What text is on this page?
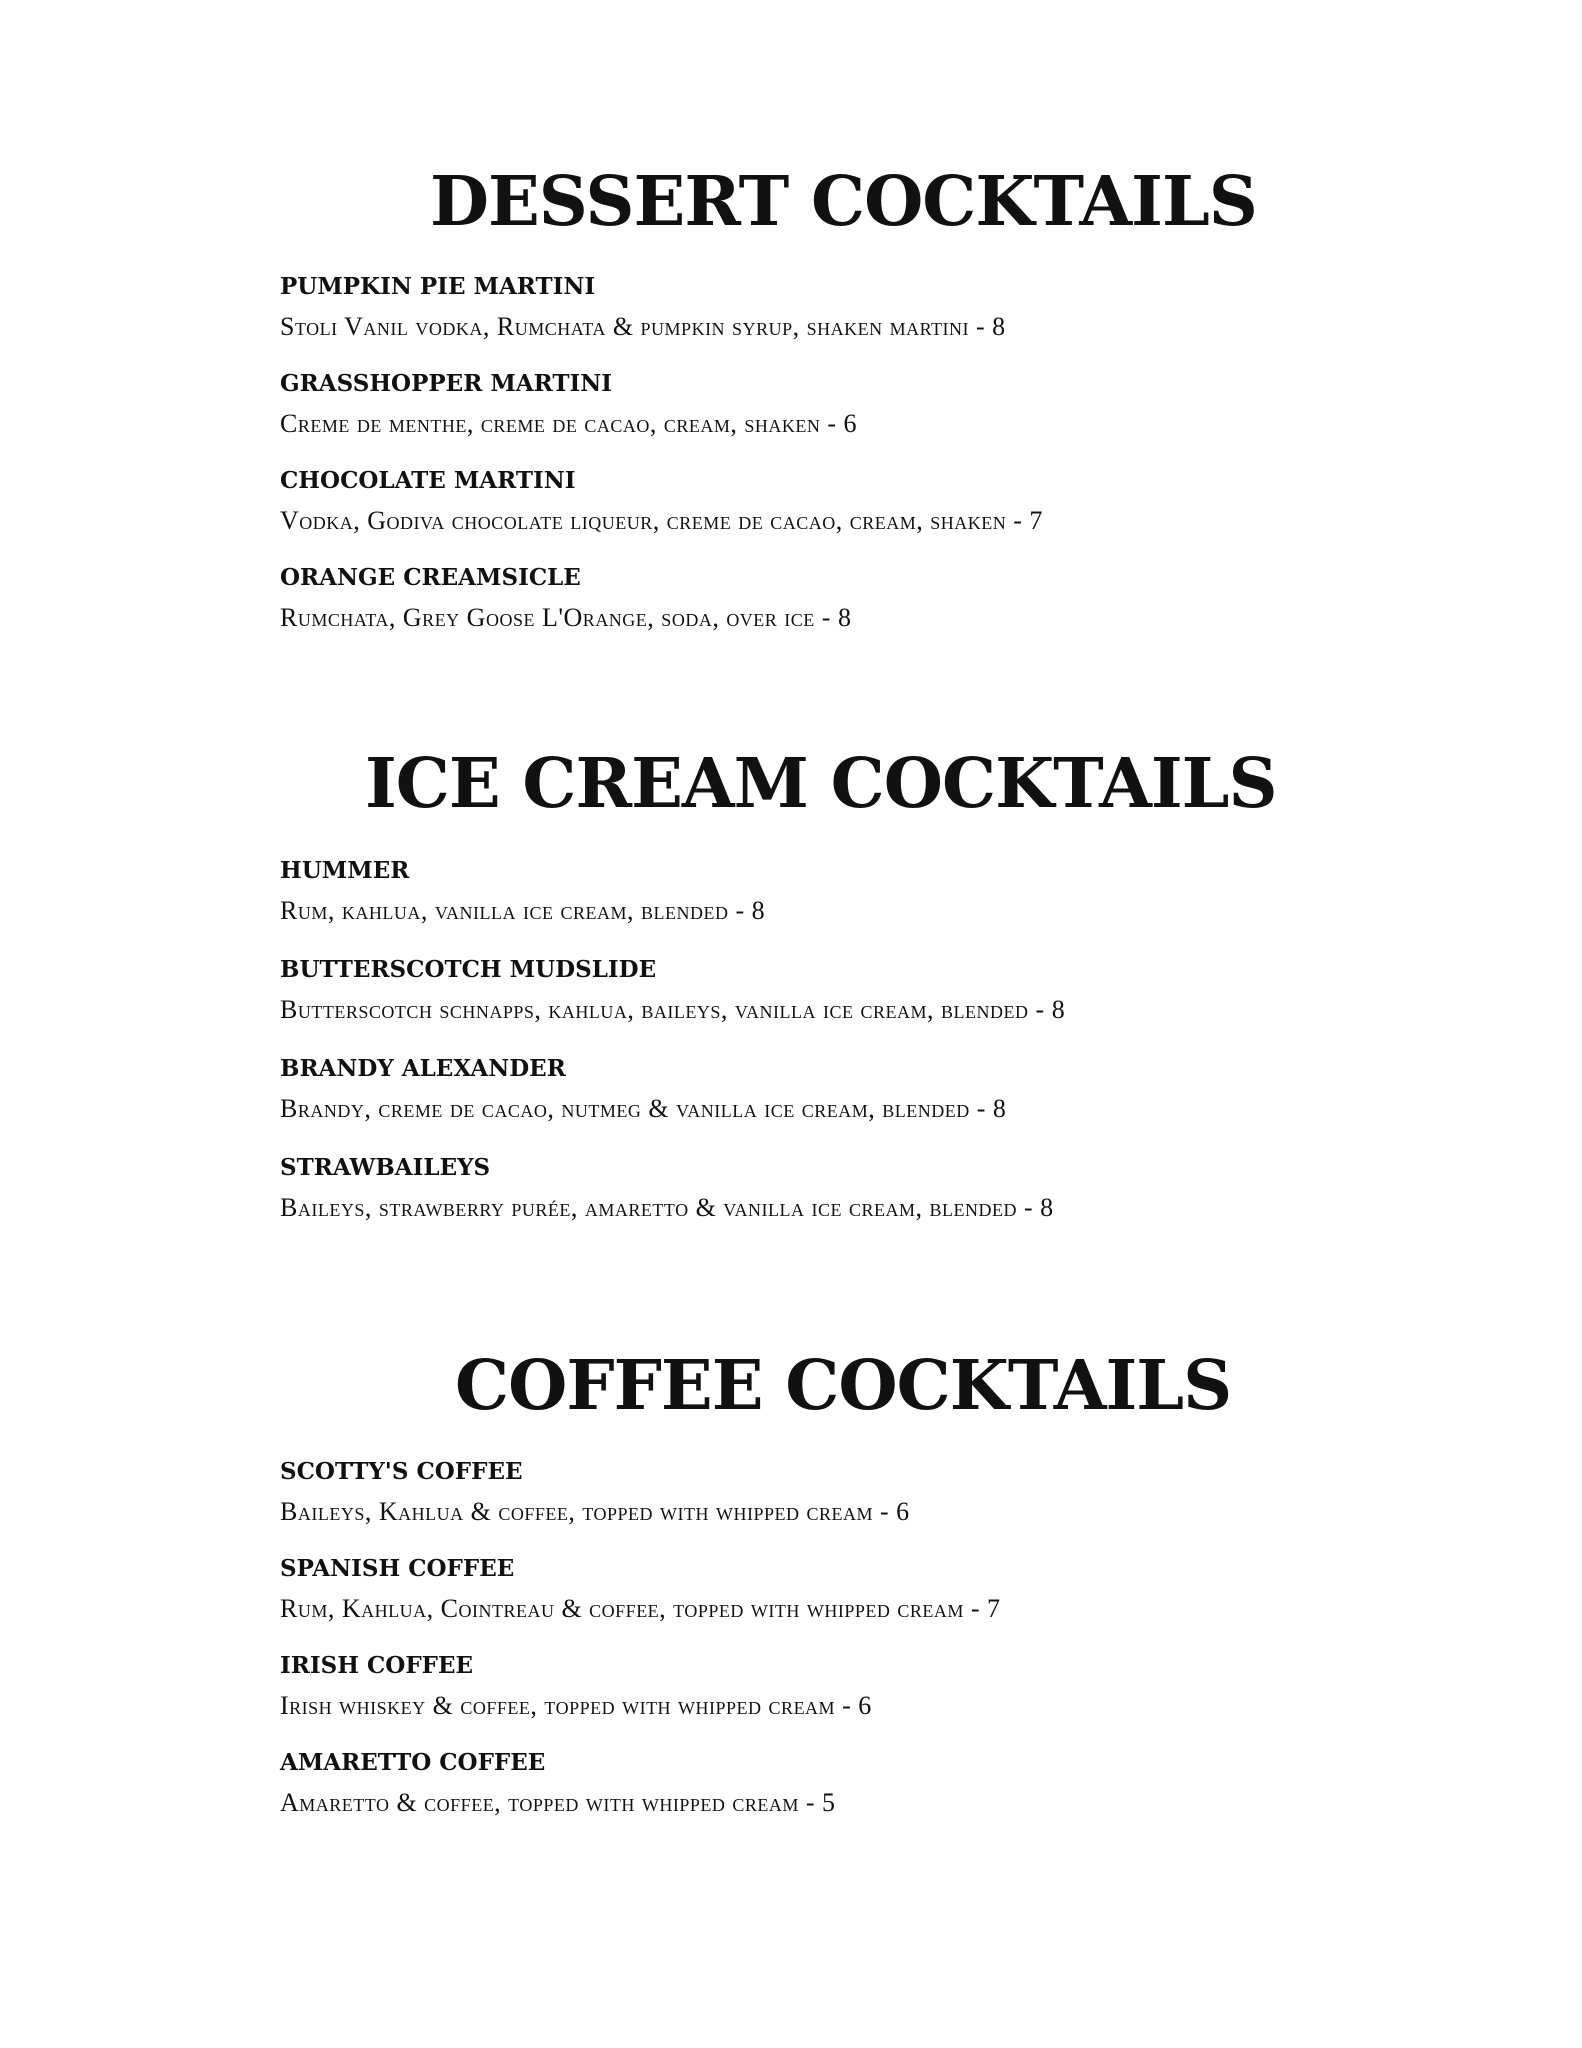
DESSERT COCKTAILS
PUMPKIN PIE MARTINI
Stoli Vanil vodka, Rumchata & pumpkin syrup, shaken martini - 8
GRASSHOPPER MARTINI
Creme de menthe, creme de cacao, cream, shaken - 6
CHOCOLATE MARTINI
Vodka, Godiva chocolate liqueur, creme de cacao, cream, shaken - 7
ORANGE CREAMSICLE
Rumchata, Grey Goose L'Orange, soda, over ice - 8
ICE CREAM COCKTAILS
HUMMER
Rum, kahlua, vanilla ice cream, blended - 8
BUTTERSCOTCH MUDSLIDE
Butterscotch schnapps, kahlua, baileys, vanilla ice cream, blended - 8
BRANDY ALEXANDER
Brandy, creme de cacao, nutmeg & vanilla ice cream, blended - 8
STRAWBAILEYS
Baileys, strawberry purée, amaretto & vanilla ice cream, blended - 8
COFFEE COCKTAILS
SCOTTY'S COFFEE
Baileys, Kahlua & coffee, topped with whipped cream - 6
SPANISH COFFEE
Rum, Kahlua, Cointreau & coffee, topped with whipped cream - 7
IRISH COFFEE
Irish whiskey & coffee, topped with whipped cream - 6
AMARETTO COFFEE
Amaretto & coffee, topped with whipped cream - 5
